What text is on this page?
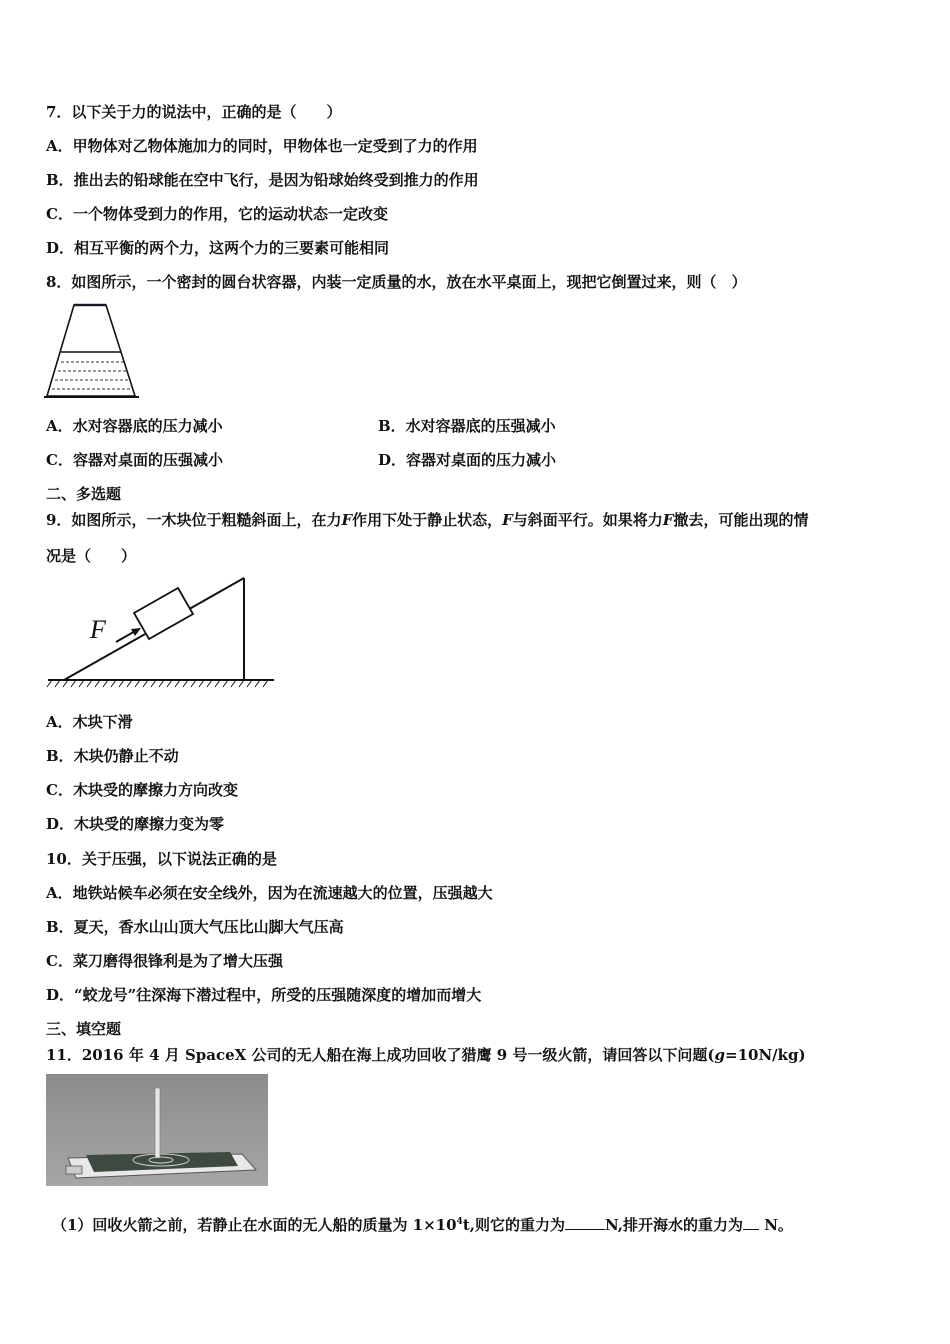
7．以下关于力的说法中，正确的是（　　）
A．甲物体对乙物体施加力的同时，甲物体也一定受到了力的作用
B．推出去的铅球能在空中飞行，是因为铅球始终受到推力的作用
C．一个物体受到力的作用，它的运动状态一定改变
D．相互平衡的两个力，这两个力的三要素可能相同
8．如图所示，一个密封的圆台状容器，内装一定质量的水，放在水平桌面上，现把它倒置过来，则（　）
A．水对容器底的压力减小	B．水对容器底的压强减小
C．容器对桌面的压强减小	D．容器对桌面的压力减小
二、多选题
9．如图所示，一木块位于粗糙斜面上，在力F作用下处于静止状态，F与斜面平行。如果将力F撤去，可能出现的情
况是（　　）
F
A．木块下滑
B．木块仍静止不动
C．木块受的摩擦力方向改变
D．木块受的摩擦力变为零
10．关于压强，以下说法正确的是
A．地铁站候车必须在安全线外，因为在流速越大的位置，压强越大
B．夏天，香水山山顶大气压比山脚大气压高
C．菜刀磨得很锋利是为了增大压强
D．“蛟龙号”往深海下潜过程中，所受的压强随深度的增加而增大
三、填空题
11．2016 年 4 月 SpaceX 公司的无人船在海上成功回收了猎鹰 9 号一级火箭，请回答以下问题(g=10N/kg)
（1）回收火箭之前，若静止在水面的无人船的质量为 $1\times 10^4t$,则它的重力为	N,排开海水的重力为 N。
